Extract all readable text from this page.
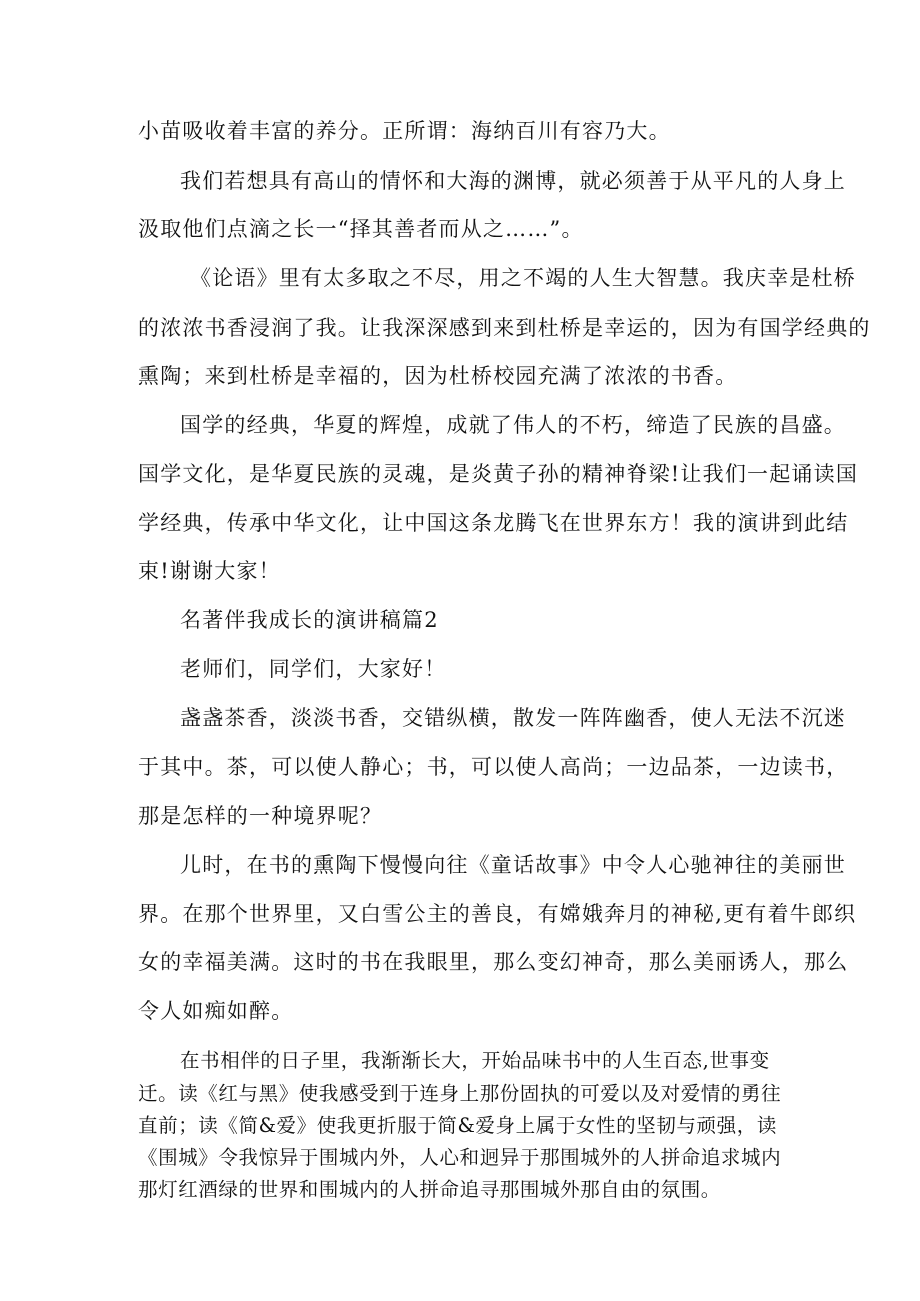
小苗吸收着丰富的养分。正所谓：海纳百川有容乃大。

我们若想具有高山的情怀和大海的渊博，就必须善于从平凡的人身上

汲取他们点滴之长一“择其善者而从之……”。

《论语》里有太多取之不尽，用之不竭的人生大智慧。我庆幸是杜桥

的浓浓书香浸润了我。让我深深感到来到杜桥是幸运的，因为有国学经典的

熏陶；来到杜桥是幸福的，因为杜桥校园充满了浓浓的书香。

国学的经典，华夏的辉煌，成就了伟人的不朽，缔造了民族的昌盛。

国学文化，是华夏民族的灵魂，是炎黄子孙的精神脊梁!让我们一起诵读国

学经典，传承中华文化，让中国这条龙腾飞在世界东方！我的演讲到此结

束!谢谢大家！

名著伴我成长的演讲稿篇2

老师们，同学们，大家好！

盏盏茶香，淡淡书香，交错纵横，散发一阵阵幽香，使人无法不沉迷

于其中。茶，可以使人静心；书，可以使人高尚；一边品茶，一边读书，

那是怎样的一种境界呢？

儿时，在书的熏陶下慢慢向往《童话故事》中令人心驰神往的美丽世

界。在那个世界里，又白雪公主的善良，有嫦娥奔月的神秘,更有着牛郎织

女的幸福美满。这时的书在我眼里，那么变幻神奇，那么美丽诱人，那么

令人如痴如醉。

在书相伴的日子里，我渐渐长大，开始品味书中的人生百态,世事变

迁。读《红与黑》使我感受到于连身上那份固执的可爱以及对爱情的勇往

直前；读《简&爱》使我更折服于简&爱身上属于女性的坚韧与顽强，读

《围城》令我惊异于围城内外，人心和迥异于那围城外的人拼命追求城内

那灯红酒绿的世界和围城内的人拼命追寻那围城外那自由的氛围。
